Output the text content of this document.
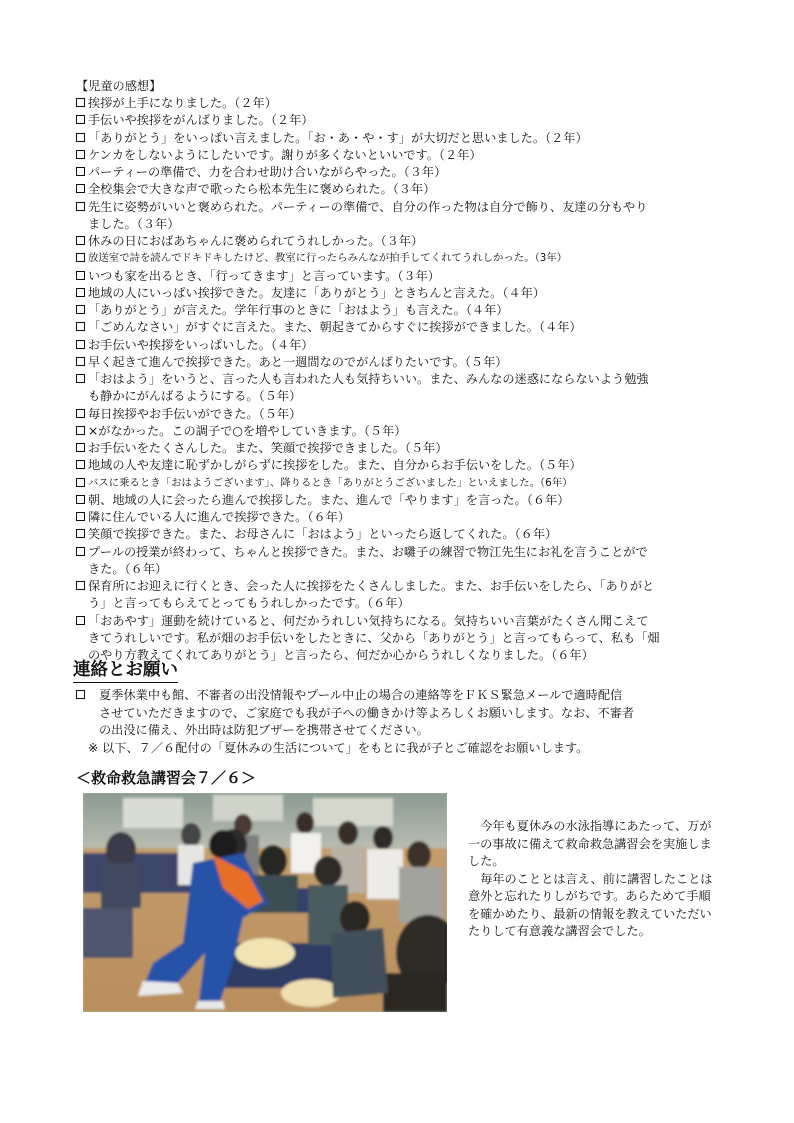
【児童の感想】
挨拶が上手になりました。（２年）
手伝いや挨拶をがんばりました。（２年）
「ありがとう」をいっぱい言えました。「お・あ・や・す」が大切だと思いました。（２年）
ケンカをしないようにしたいです。謝りが多くないといいです。（２年）
パーティーの準備で、力を合わせ助け合いながらやった。（３年）
全校集会で大きな声で歌ったら松本先生に褒められた。（３年）
先生に姿勢がいいと褒められた。パーティーの準備で、自分の作った物は自分で飾り、友達の分もやり
ました。（３年）
休みの日におばあちゃんに褒められてうれしかった。（３年）
放送室で詩を読んでドキドキしたけど、教室に行ったらみんなが拍手してくれてうれしかった。（3年）
いつも家を出るとき、「行ってきます」と言っています。（３年）
地域の人にいっぱい挨拶できた。友達に「ありがとう」ときちんと言えた。（４年）
「ありがとう」が言えた。学年行事のときに「おはよう」も言えた。（４年）
「ごめんなさい」がすぐに言えた。また、朝起きてからすぐに挨拶ができました。（４年）
お手伝いや挨拶をいっぱいした。（４年）
早く起きて進んで挨拶できた。あと一週間なのでがんばりたいです。（５年）
「おはよう」をいうと、言った人も言われた人も気持ちいい。また、みんなの迷惑にならないよう勉強
も静かにがんばるようにする。（５年）
毎日挨拶やお手伝いができた。（５年）
×がなかった。この調子で○を増やしていきます。（５年）
お手伝いをたくさんした。また、笑顔で挨拶できました。（５年）
地域の人や友達に恥ずかしがらずに挨拶をした。また、自分からお手伝いをした。（５年）
バスに乗るとき「おはようございます」、降りるとき「ありがとうございました」といえました。（6年）
朝、地域の人に会ったら進んで挨拶した。また、進んで「やります」を言った。（６年）
隣に住んでいる人に進んで挨拶できた。（６年）
笑顔で挨拶できた。また、お母さんに「おはよう」といったら返してくれた。（６年）
プールの授業が終わって、ちゃんと挨拶できた。また、お囃子の練習で物江先生にお礼を言うことがで
きた。（６年）
保育所にお迎えに行くとき、会った人に挨拶をたくさんしました。また、お手伝いをしたら、「ありがと
う」と言ってもらえてとってもうれしかったです。（６年）
「おあやす」運動を続けていると、何だかうれしい気持ちになる。気持ちいい言葉がたくさん聞こえて
きてうれしいです。私が畑のお手伝いをしたときに、父から「ありがとう」と言ってもらって、私も「畑
のやり方教えてくれてありがとう」と言ったら、何だか心からうれしくなりました。（６年）
連絡とお願い
夏季休業中も館、不審者の出没情報やプール中止の場合の連絡等をＦＫＳ緊急メールで適時配信
させていただきますので、ご家庭でも我が子への働きかけ等よろしくお願いします。なお、不審者
の出没に備え、外出時は防犯ブザーを携帯させてください。
※ 以下、７／６配付の「夏休みの生活について」をもとに我が子とご確認をお願いします。
＜救命救急講習会７／６＞

今年も夏休みの水泳指導にあたって、万が一の事故に備えて救命救急講習会を実施しました。

毎年のこととは言え、前に講習したことは意外と忘れたりしがちです。あらためて手順を確かめたり、最新の情報を教えていただいたりして有意義な講習会でした。
